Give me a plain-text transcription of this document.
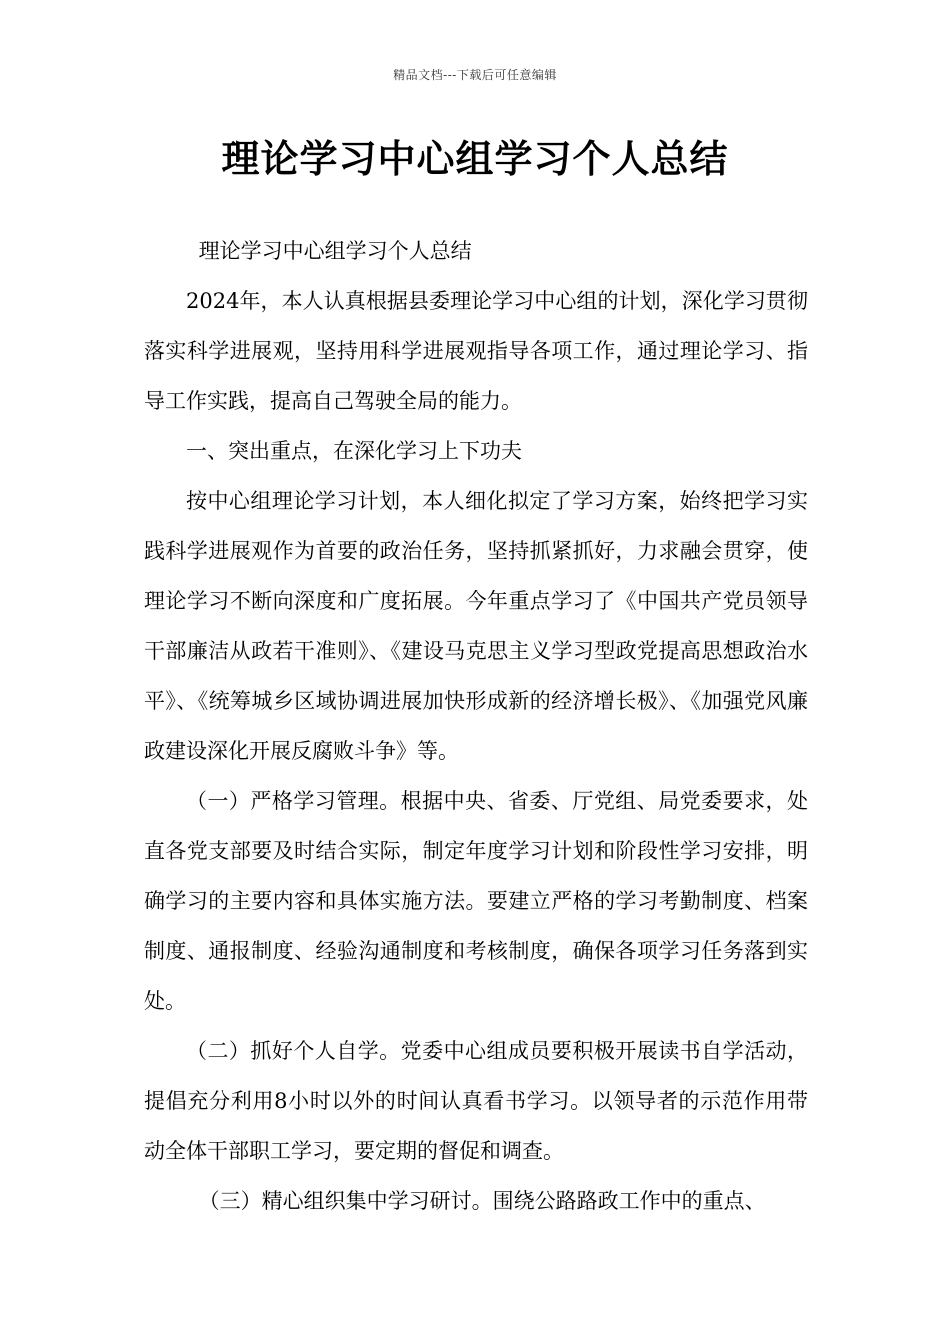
精品文档---下载后可任意编辑
理论学习中心组学习个人总结

理论学习中心组学习个人总结

2024年，本人认真根据县委理论学习中心组的计划，深化学习贯彻落实科学进展观，坚持用科学进展观指导各项工作，通过理论学习、指导工作实践，提高自己驾驶全局的能力。

一、突出重点，在深化学习上下功夫

按中心组理论学习计划，本人细化拟定了学习方案，始终把学习实践科学进展观作为首要的政治任务，坚持抓紧抓好，力求融会贯穿，使理论学习不断向深度和广度拓展。今年重点学习了《中国共产党员领导干部廉洁从政若干准则》、《建设马克思主义学习型政党提高思想政治水平》、《统筹城乡区域协调进展加快形成新的经济增长极》、《加强党风廉政建设深化开展反腐败斗争》等。

（一）严格学习管理。根据中央、省委、厅党组、局党委要求，处直各党支部要及时结合实际，制定年度学习计划和阶段性学习安排，明确学习的主要内容和具体实施方法。要建立严格的学习考勤制度、档案制度、通报制度、经验沟通制度和考核制度，确保各项学习任务落到实处。

（二）抓好个人自学。党委中心组成员要积极开展读书自学活动，提倡充分利用8小时以外的时间认真看书学习。以领导者的示范作用带动全体干部职工学习，要定期的督促和调查。

（三）精心组织集中学习研讨。围绕公路路政工作中的重点、
